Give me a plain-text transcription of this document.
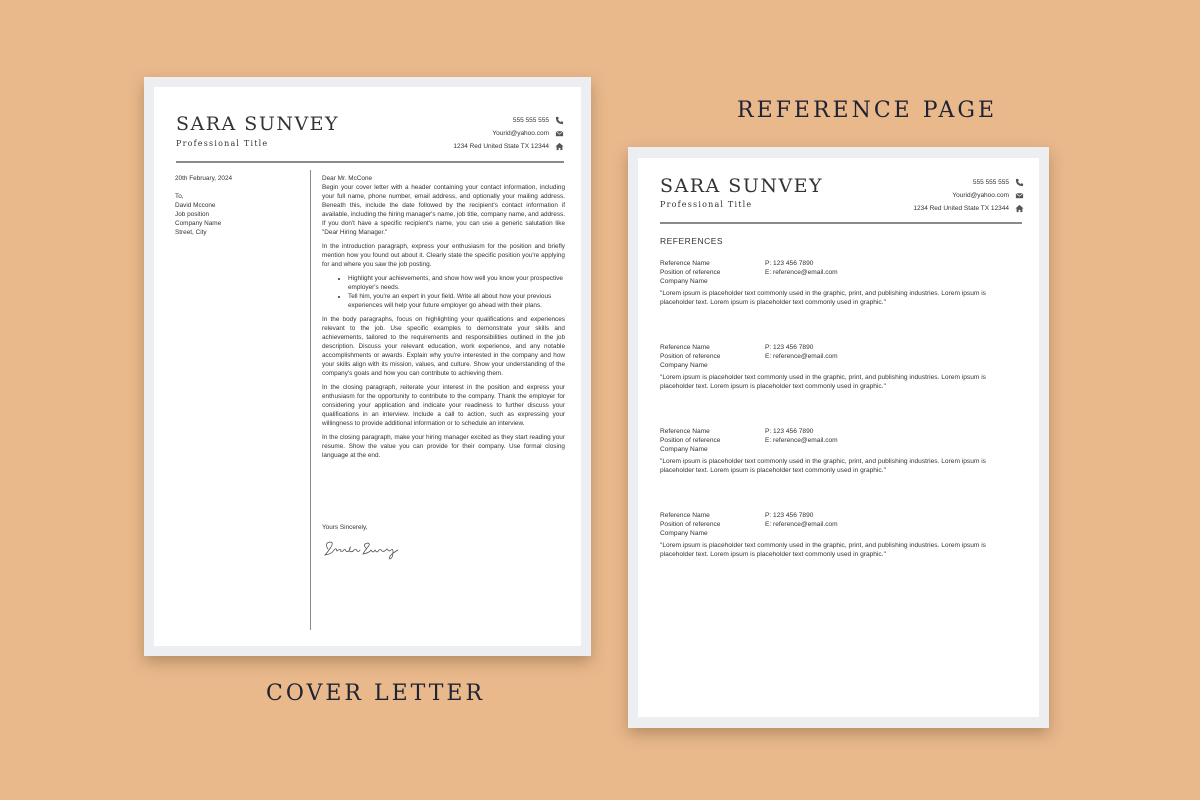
REFERENCE PAGE
COVER LETTER
SARA SUNVEY
Professional Title
555 555 555
Yourid@yahoo.com
1234 Red United State TX 12344
20th February, 2024
To,
David Mccone
Job position
Company Name
Street, City
Dear Mr. McCone

Begin your cover letter with a header containing your contact information, including your full name, phone number, email address, and optionally your mailing address. Beneath this, include the date followed by the recipient's contact information if available, including the hiring manager's name, job title, company name, and address. If you don't have a specific recipient's name, you can use a generic salutation like "Dear Hiring Manager."

In the introduction paragraph, express your enthusiasm for the position and briefly mention how you found out about it. Clearly state the specific position you're applying for and where you saw the job posting.

• Highlight your achievements, and show how well you know your prospective employer's needs.
• Tell him, you're an expert in your field. Write all about how your previous experiences will help your future employer go ahead with their plans.

In the body paragraphs, focus on highlighting your qualifications and experiences relevant to the job. Use specific examples to demonstrate your skills and achievements, tailored to the requirements and responsibilities outlined in the job description. Discuss your relevant education, work experience, and any notable accomplishments or awards. Explain why you're interested in the company and how your skills align with its mission, values, and culture. Show your understanding of the company's goals and how you can contribute to achieving them.

In the closing paragraph, reiterate your interest in the position and express your enthusiasm for the opportunity to contribute to the company. Thank the employer for considering your application and indicate your readiness to further discuss your qualifications in an interview. Include a call to action, such as expressing your willingness to provide additional information or to schedule an interview.

In the closing paragraph, make your hiring manager excited as they start reading your resume. Show the value you can provide for their company. Use formal closing language at the end.

Yours Sincerely,
SARA SUNVEY
Professional Title
555 555 555
Yourid@yahoo.com
1234 Red United State TX 12344
REFERENCES
Reference Name
Position of reference
Company Name
P: 123 456 7890
E: reference@email.com
"Lorem ipsum is placeholder text commonly used in the graphic, print, and publishing industries. Lorem ipsum is placeholder text. Lorem ipsum is placeholder text commonly used in graphic."
Reference Name
Position of reference
Company Name
P: 123 456 7890
E: reference@email.com
"Lorem ipsum is placeholder text commonly used in the graphic, print, and publishing industries. Lorem ipsum is placeholder text. Lorem ipsum is placeholder text commonly used in graphic."
Reference Name
Position of reference
Company Name
P: 123 456 7890
E: reference@email.com
"Lorem ipsum is placeholder text commonly used in the graphic, print, and publishing industries. Lorem ipsum is placeholder text. Lorem ipsum is placeholder text commonly used in graphic."
Reference Name
Position of reference
Company Name
P: 123 456 7890
E: reference@email.com
"Lorem ipsum is placeholder text commonly used in the graphic, print, and publishing industries. Lorem ipsum is placeholder text. Lorem ipsum is placeholder text commonly used in graphic."
